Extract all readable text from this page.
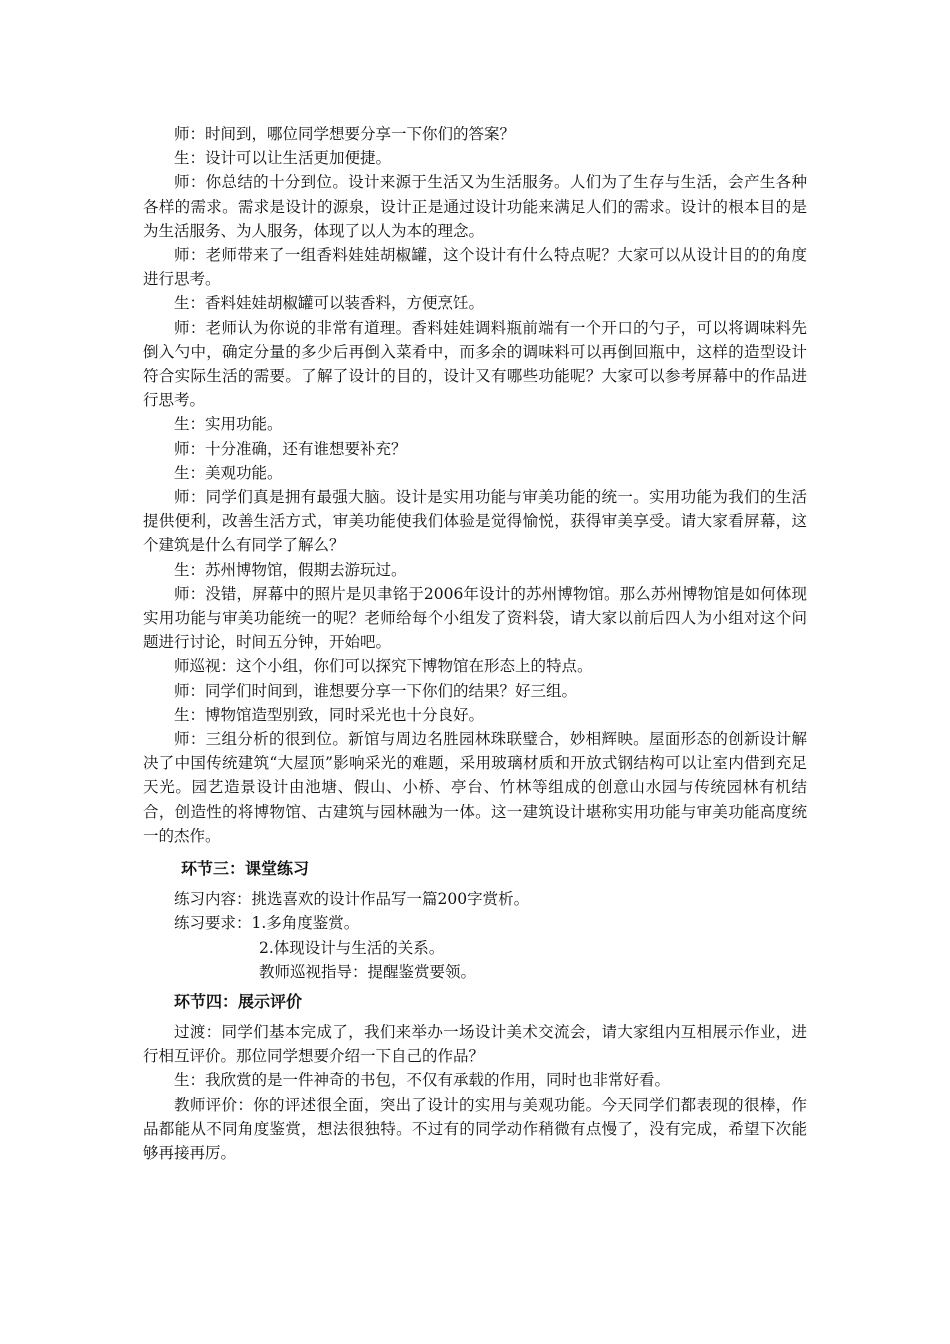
师：时间到，哪位同学想要分享一下你们的答案？

生：设计可以让生活更加便捷。

师：你总结的十分到位。设计来源于生活又为生活服务。人们为了生存与生活，会产生各种各样的需求。需求是设计的源泉，设计正是通过设计功能来满足人们的需求。设计的根本目的是为生活服务、为人服务，体现了以人为本的理念。

师：老师带来了一组香料娃娃胡椒罐，这个设计有什么特点呢？大家可以从设计目的的角度进行思考。

生：香料娃娃胡椒罐可以装香料，方便烹饪。

师：老师认为你说的非常有道理。香料娃娃调料瓶前端有一个开口的勺子，可以将调味料先倒入勺中，确定分量的多少后再倒入菜肴中，而多余的调味料可以再倒回瓶中，这样的造型设计符合实际生活的需要。了解了设计的目的，设计又有哪些功能呢？大家可以参考屏幕中的作品进行思考。

生：实用功能。

师：十分准确，还有谁想要补充？

生：美观功能。

师：同学们真是拥有最强大脑。设计是实用功能与审美功能的统一。实用功能为我们的生活提供便利，改善生活方式，审美功能使我们体验是觉得愉悦，获得审美享受。请大家看屏幕，这个建筑是什么有同学了解么？

生：苏州博物馆，假期去游玩过。

师：没错，屏幕中的照片是贝聿铭于2006年设计的苏州博物馆。那么苏州博物馆是如何体现实用功能与审美功能统一的呢？老师给每个小组发了资料袋，请大家以前后四人为小组对这个问题进行讨论，时间五分钟，开始吧。

师巡视：这个小组，你们可以探究下博物馆在形态上的特点。

师：同学们时间到，谁想要分享一下你们的结果？好三组。

生：博物馆造型别致，同时采光也十分良好。

师：三组分析的很到位。新馆与周边名胜园林珠联璧合，妙相辉映。屋面形态的创新设计解决了中国传统建筑“大屋顶”影响采光的难题，采用玻璃材质和开放式钢结构可以让室内借到充足天光。园艺造景设计由池塘、假山、小桥、亭台、竹林等组成的创意山水园与传统园林有机结合，创造性的将博物馆、古建筑与园林融为一体。这一建筑设计堪称实用功能与审美功能高度统一的杰作。

环节三：课堂练习

练习内容：挑选喜欢的设计作品写一篇200字赏析。

练习要求：1.多角度鉴赏。

2.体现设计与生活的关系。

教师巡视指导：提醒鉴赏要领。

环节四：展示评价

过渡：同学们基本完成了，我们来举办一场设计美术交流会，请大家组内互相展示作业，进行相互评价。那位同学想要介绍一下自己的作品？

生：我欣赏的是一件神奇的书包，不仅有承载的作用，同时也非常好看。

教师评价：你的评述很全面，突出了设计的实用与美观功能。今天同学们都表现的很棒，作品都能从不同角度鉴赏，想法很独特。不过有的同学动作稍微有点慢了，没有完成，希望下次能够再接再厉。
